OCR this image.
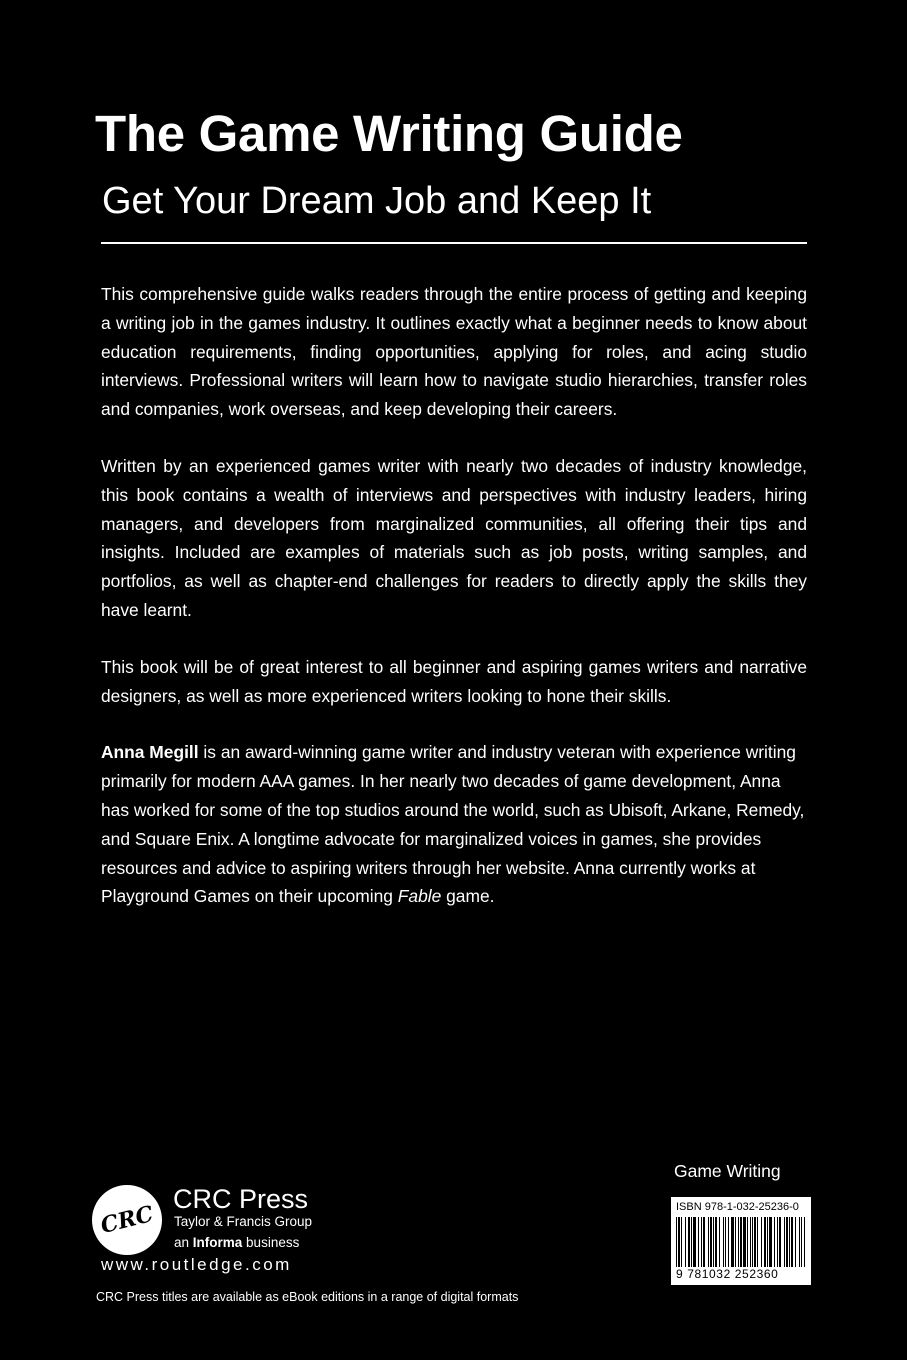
The Game Writing Guide
Get Your Dream Job and Keep It

This comprehensive guide walks readers through the entire process of getting and keeping a writing job in the games industry. It outlines exactly what a beginner needs to know about education requirements, finding opportunities, applying for roles, and acing studio interviews. Professional writers will learn how to navigate studio hierarchies, transfer roles and companies, work overseas, and keep developing their careers.

Written by an experienced games writer with nearly two decades of industry knowledge, this book contains a wealth of interviews and perspectives with industry leaders, hiring managers, and developers from marginalized communities, all offering their tips and insights. Included are examples of materials such as job posts, writing samples, and portfolios, as well as chapter-end challenges for readers to directly apply the skills they have learnt.

This book will be of great interest to all beginner and aspiring games writers and narrative designers, as well as more experienced writers looking to hone their skills.

Anna Megill is an award-winning game writer and industry veteran with experience writing primarily for modern AAA games. In her nearly two decades of game development, Anna has worked for some of the top studios around the world, such as Ubisoft, Arkane, Remedy, and Square Enix. A longtime advocate for marginalized voices in games, she provides resources and advice to aspiring writers through her website. Anna currently works at Playground Games on their upcoming Fable game.

CRC
CRC Press
Taylor & Francis Group
an Informa business
www.routledge.com
CRC Press titles are available as eBook editions in a range of digital formats
Game Writing
ISBN 978-1-032-25236-0
9 781032 252360
